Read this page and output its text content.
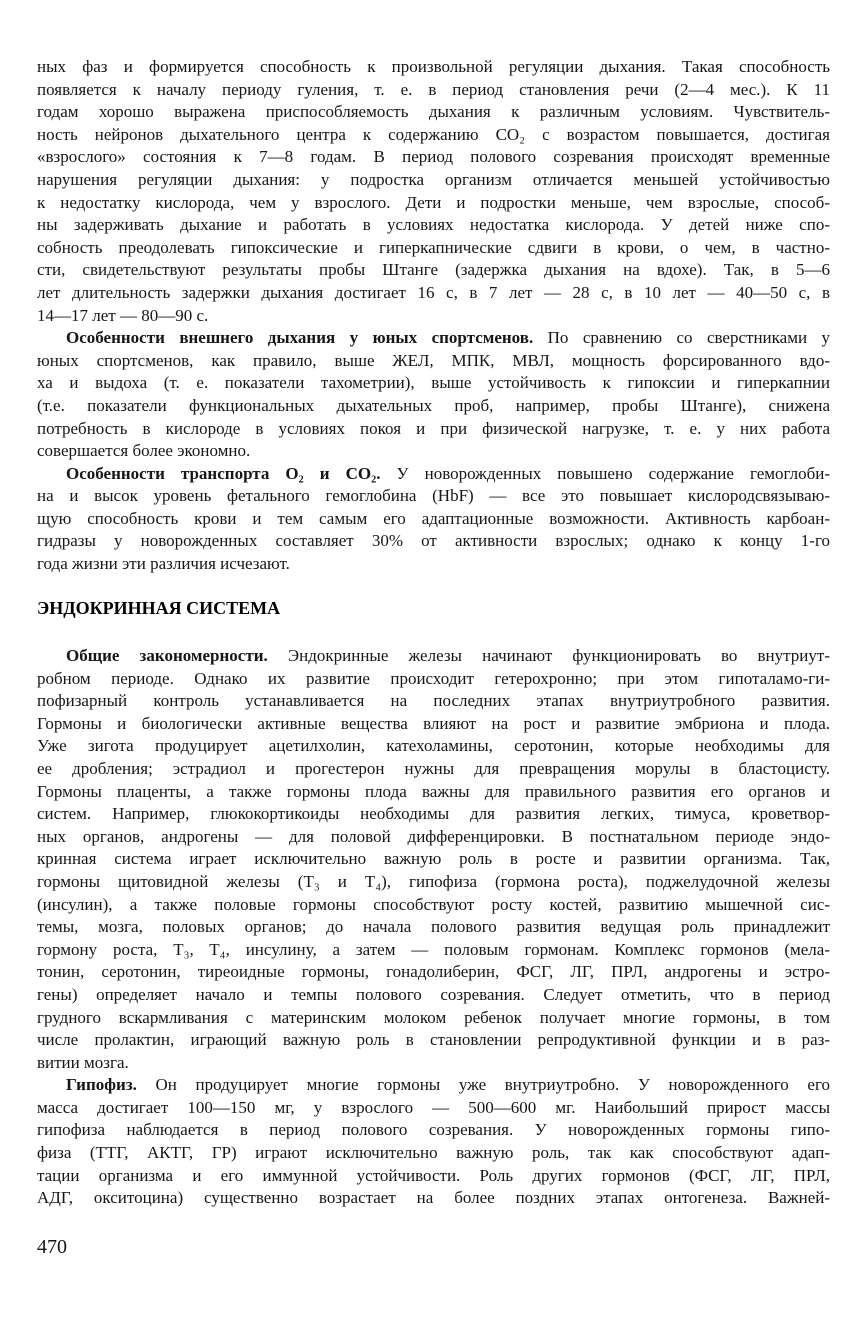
ных фаз и формируется способность к произвольной регуляции дыхания. Такая способность
появляется к началу периоду гуления, т. е. в период становления речи (2—4 мес.). К 11
годам хорошо выражена приспособляемость дыхания к различным условиям. Чувствитель-
ность нейронов дыхательного центра к содержанию СО₂ с возрастом повышается, достигая
«взрослого» состояния к 7—8 годам. В период полового созревания происходят временные
нарушения регуляции дыхания: у подростка организм отличается меньшей устойчивостью
к недостатку кислорода, чем у взрослого. Дети и подростки меньше, чем взрослые, способ-
ны задерживать дыхание и работать в условиях недостатка кислорода. У детей ниже спо-
собность преодолевать гипоксические и гиперкапнические сдвиги в крови, о чем, в частно-
сти, свидетельствуют результаты пробы Штанге (задержка дыхания на вдохе). Так, в 5—6
лет длительность задержки дыхания достигает 16 с, в 7 лет — 28 с, в 10 лет — 40—50 с, в
14—17 лет — 80—90 с.
Особенности внешнего дыхания у юных спортсменов. По сравнению со сверстниками у
юных спортсменов, как правило, выше ЖЕЛ, МПК, МВЛ, мощность форсированного вдо-
ха и выдоха (т. е. показатели тахометрии), выше устойчивость к гипоксии и гиперкапнии
(т.е. показатели функциональных дыхательных проб, например, пробы Штанге), снижена
потребность в кислороде в условиях покоя и при физической нагрузке, т. е. у них работа
совершается более экономно.
Особенности транспорта O₂ и CO₂. У новорожденных повышено содержание гемоглоби-
на и высок уровень фетального гемоглобина (HbF) — все это повышает кислородсвязываю-
щую способность крови и тем самым его адаптационные возможности. Активность карбоан-
гидразы у новорожденных составляет 30% от активности взрослых; однако к концу 1-го
года жизни эти различия исчезают.
ЭНДОКРИННАЯ СИСТЕМА
Общие закономерности. Эндокринные железы начинают функционировать во внутриут-
робном периоде. Однако их развитие происходит гетерохронно; при этом гипоталамо-ги-
пофизарный контроль устанавливается на последних этапах внутриутробного развития.
Гормоны и биологически активные вещества влияют на рост и развитие эмбриона и плода.
Уже зигота продуцирует ацетилхолин, катехоламины, серотонин, которые необходимы для
ее дробления; эстрадиол и прогестерон нужны для превращения морулы в бластоцисту.
Гормоны плаценты, а также гормоны плода важны для правильного развития его органов и
систем. Например, глюкокортикоиды необходимы для развития легких, тимуса, кроветвор-
ных органов, андрогены — для половой дифференцировки. В постнатальном периоде эндо-
кринная система играет исключительно важную роль в росте и развитии организма. Так,
гормоны щитовидной железы (T₃ и T₄), гипофиза (гормона роста), поджелудочной железы
(инсулин), а также половые гормоны способствуют росту костей, развитию мышечной сис-
темы, мозга, половых органов; до начала полового развития ведущая роль принадлежит
гормону роста, T₃, T₄, инсулину, а затем — половым гормонам. Комплекс гормонов (мела-
тонин, серотонин, тиреоидные гормоны, гонадолиберин, ФСГ, ЛГ, ПРЛ, андрогены и эстро-
гены) определяет начало и темпы полового созревания. Следует отметить, что в период
грудного вскармливания с материнским молоком ребенок получает многие гормоны, в том
числе пролактин, играющий важную роль в становлении репродуктивной функции и в раз-
витии мозга.
Гипофиз. Он продуцирует многие гормоны уже внутриутробно. У новорожденного его
масса достигает 100—150 мг, у взрослого — 500—600 мг. Наибольший прирост массы
гипофиза наблюдается в период полового созревания. У новорожденных гормоны гипо-
физа (ТТГ, АКТГ, ГР) играют исключительно важную роль, так как способствуют адап-
тации организма и его иммунной устойчивости. Роль других гормонов (ФСГ, ЛГ, ПРЛ,
АДГ, окситоцина) существенно возрастает на более поздних этапах онтогенеза. Важней-
470
